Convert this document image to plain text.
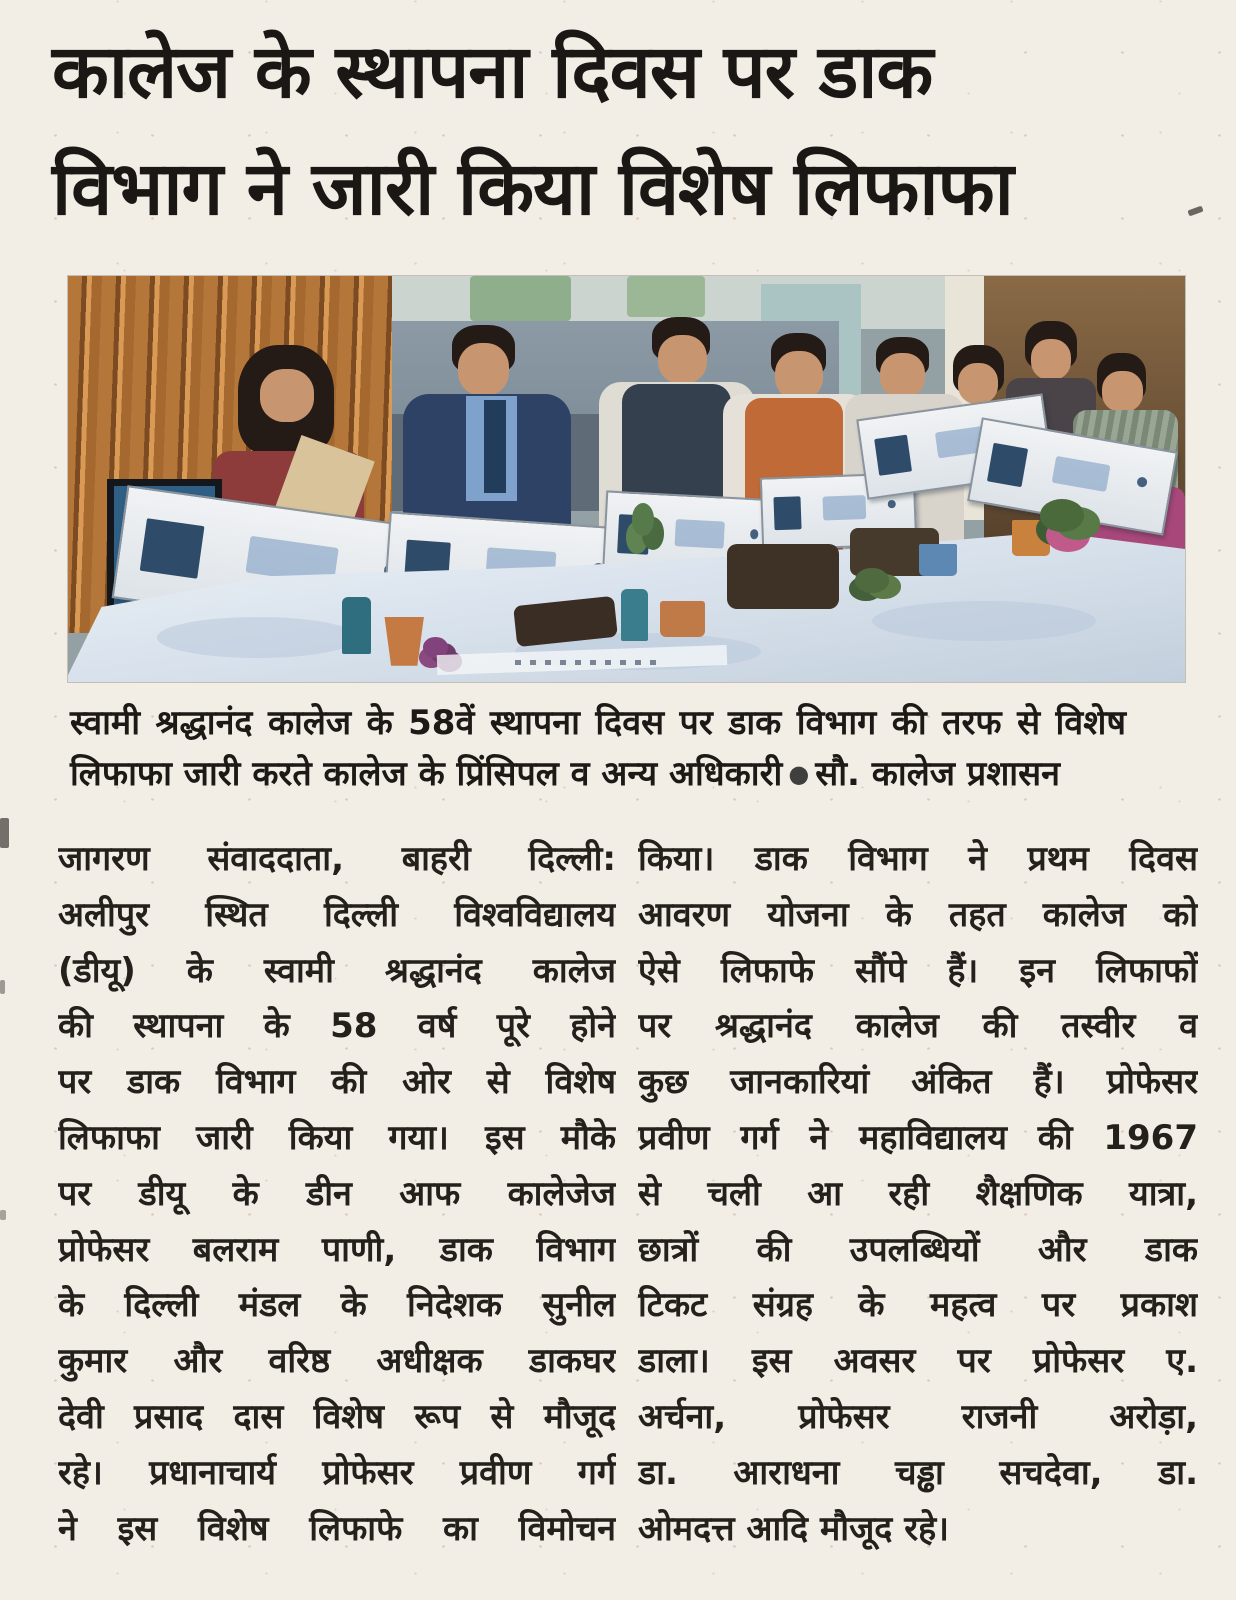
कालेज के स्थापना दिवस पर डाक
विभाग ने जारी किया विशेष लिफाफा
स्वामी श्रद्धानंद कालेज के 58वें स्थापना दिवस पर डाक विभाग की तरफ से विशेष
लिफाफा जारी करते कालेज के प्रिंसिपल व अन्य अधिकारी ● सौ. कालेज प्रशासन
जागरण संवाददाता, बाहरी दिल्ली:
अलीपुर स्थित दिल्ली विश्वविद्यालय
(डीयू) के स्वामी श्रद्धानंद कालेज
की स्थापना के 58 वर्ष पूरे होने
पर डाक विभाग की ओर से विशेष
लिफाफा जारी किया गया। इस मौके
पर डीयू के डीन आफ कालेजेज
प्रोफेसर बलराम पाणी, डाक विभाग
के दिल्ली मंडल के निदेशक सुनील
कुमार और वरिष्ठ अधीक्षक डाकघर
देवी प्रसाद दास विशेष रूप से मौजूद
रहे। प्रधानाचार्य प्रोफेसर प्रवीण गर्ग
ने इस विशेष लिफाफे का विमोचन
किया। डाक विभाग ने प्रथम दिवस
आवरण योजना के तहत कालेज को
ऐसे लिफाफे सौंपे हैं। इन लिफाफों
पर श्रद्धानंद कालेज की तस्वीर व
कुछ जानकारियां अंकित हैं। प्रोफेसर
प्रवीण गर्ग ने महाविद्यालय की 1967
से चली आ रही शैक्षणिक यात्रा,
छात्रों की उपलब्धियों और डाक
टिकट संग्रह के महत्व पर प्रकाश
डाला। इस अवसर पर प्रोफेसर ए.
अर्चना, प्रोफेसर राजनी अरोड़ा,
डा. आराधना चड्ढा सचदेवा, डा.
ओमदत्त आदि मौजूद रहे।
